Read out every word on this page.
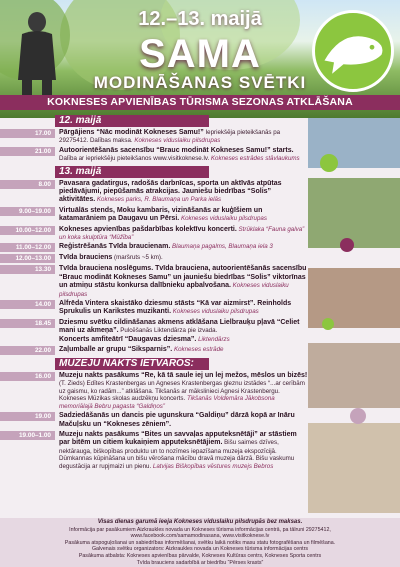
12.–13. maijā
SAMA
MODINĀŠANAS SVĒTKI
KOKNESES APVIENĪBAS TŪRISMA SEZONAS ATKLĀŠANA
12. maijā
17.00	Pārgājiens “Nāc modināt Kokneses Samu!” Iepriekšēja pieteikšanās pa 29275412. Dalības maksa. Kokneses viduslaiku pilsdrupas
21.00	Autoorientēšanās sacensību “Brauc modināt Kokneses Samu!” starts. Dalība ar iepriekšēju pieteikšanos www.visitkoknese.lv. Kokneses estrādes stāvlaukums
13. maijā
8.00	Pavasara gadatirgus, radošās darbnīcas, sporta un aktīvās atpūtas piedāvājumi, piepūšamās atrakcijas. Jauniešu biedrības “Solis” aktivitātes. Kokneses parks, R. Blaumaņa un Parka ielās
9.00–19.00	Virtuālās stends, Moku kambaris, vizināšanās ar kuģīšiem un katamarāniem pa Daugavu un Pērsi. Kokneses viduslaiku pilsdrupas
10.00–12.00	Kokneses apvienības pašdarbības kolektīvu koncerti. Strūklaka “Fauna galva” un koka skulptūra “Mūžība”
11.00–12.00	Reģistrēšanās Tvīda braucienam. Blaumaņa pagalms, Blaumaņa iela 3
12.00–13.00	Tvīda brauciens (maršruts ~5 km).
13.30	Tvīda brauciena noslēgums. Tvīda brauciena, autoorientēšanās sacensību “Brauc modināt Kokneses Samu” un jauniešu biedrības “Solis” viktorīnas un atmiņu stāstu konkursa dalībnieku apbalvošana. Kokneses viduslaiku pilsdrupas
14.00	Alfrēda Vintera skaistāko dziesmu stāsts “Kā var aizmirst”. Reinholds Sprukulis un Karikstes muzikanti. Kokneses viduslaiku pilsdrupas
18.45	Dziesmu svētku cildināšanas akmens atklāšana Lielbrauķu pļavā “Celiet mani uz akmeņa”. Pulcēšanās Liktendārza pie izvada.
Koncerts amfiteātrī “Daugavas dziesma”. Liktendārzs
22.00	Zaļumballe ar grupu “Siksparnis”. Kokneses estrāde
MUZEJU NAKTS IETVAROS:
16.00	Muzeju nakts pasākums “Re, kā tā saule iej un lej mežos, mēslos un bizēs! (T. Zieds) Edītes Krastenbergas un Agneses Krastenbergas gleznu izstādes “...ar cerībām uz gaismu, ko radām...” atklāšana. Tikšanās ar mākslinieci Agnesi Krastenbergu. Kokneses Mūzikas skolas audzēkņu koncerts. Tikšanās Voldemāra Jākobsona memoriālajā Bebru pagasta “Galdiņos”
19.00	Sadziedāšanās un dancis pie ugunskura “Galdiņu” dārzā kopā ar Ināru Mačuļsku un “Kokneses zēniem”.
19.00–1.00	Muzeju nakts pasākums “Bites un savvaļas apputeksnētāji” ar stāstiem par bitēm un citiem kukaiņiem apputeksnētājiem. Bišu saimes dzīves, nektārauga, biškopības produktu un to nozīmes iepazīšana muzeja ekspozīcijā. Dūmkannas kūpināšana un bišu vērošana mācību dravā muzeja dārzā. Bišu vaskumu degustācija ar rupjmaizi un pienu. Latvijas Biškopības vēstures muzejs Bebros
Visas dienas garumā ieeja Kokneses viduslaiku pilsdrupās bez maksas.
Informācija par pasākumiem Aizkraukles novada un Kokneses tūrisma informācijas centrā, pa tālruni 29275412,
www.facebook.com/samamodinasana, www.visitkoknese.lv
Pasākuma atspoguļošanai un sabiedrības informēšanai, svētku laikā notiks masu statu fotografēšana un filmēšana.
Galvenais svētku organizators: Aizkraukles novada un Kokneses tūrisma informācijas centrs
Pasākuma atbalsta: Kokneses apvienības pārvalde, Kokneses Kultūras centrs, Kokneses Sporta centrs
Tvīda brauciens sadarbībā ar biedrību “Pērses krasts”
